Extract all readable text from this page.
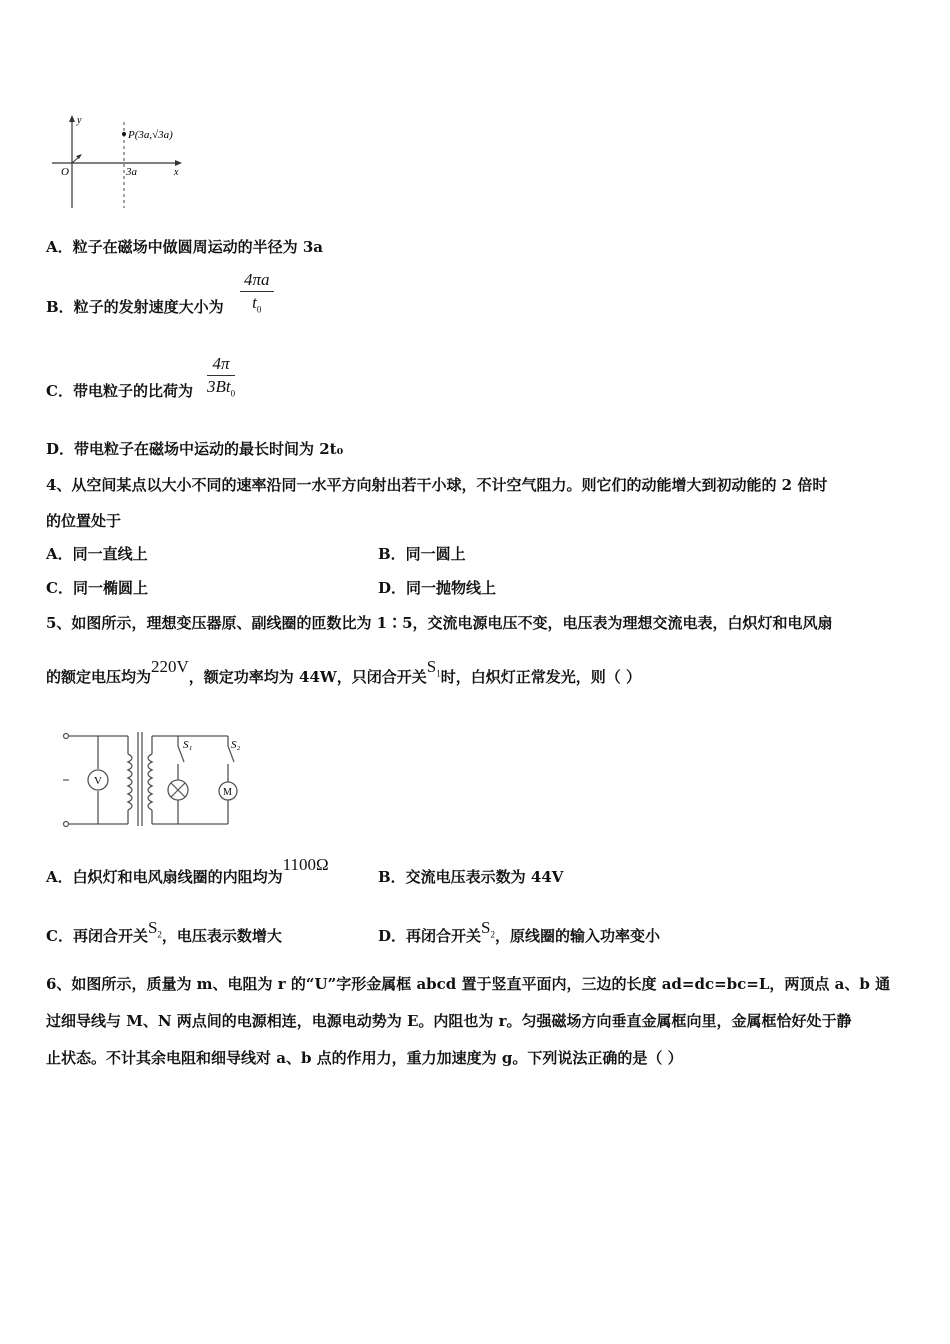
y
x
O
P(3a,√3a)
3a
A．粒子在磁场中做圆周运动的半径为 3a
B．粒子的发射速度大小为 $\frac{4\pi a}{t_0}$
C．带电粒子的比荷为 $\frac{4\pi}{3Bt_0}$
D．带电粒子在磁场中运动的最长时间为 2t₀
4、从空间某点以大小不同的速率沿同一水平方向射出若干小球，不计空气阻力。则它们的动能增大到初动能的 2 倍时
的位置处于
A．同一直线上	B．同一圆上
C．同一椭圆上	D．同一抛物线上
5、如图所示，理想变压器原、副线圈的匝数比为 1∶5，交流电源电压不变，电压表为理想交流电表，白炽灯和电风扇
的额定电压均为220V，额定功率均为 44W，只闭合开关$S_1$时，白炽灯正常发光，则（ ）
V
M
S₁	S₂
A．白炽灯和电风扇线圈的内阻均为1100Ω
B．交流电压表示数为 44V
C．再闭合开关$S_2$，电压表示数增大	D．再闭合开关$S_2$，原线圈的输入功率变小
6、如图所示，质量为 m、电阻为 r 的“U”字形金属框 abcd 置于竖直平面内，三边的长度 ad=dc=bc=L，两顶点 a、b 通
过细导线与 M、N 两点间的电源相连，电源电动势为 E。内阻也为 r。匀强磁场方向垂直金属框向里，金属框恰好处于静
止状态。不计其余电阻和细导线对 a、b 点的作用力，重力加速度为 g。下列说法正确的是（ ）
